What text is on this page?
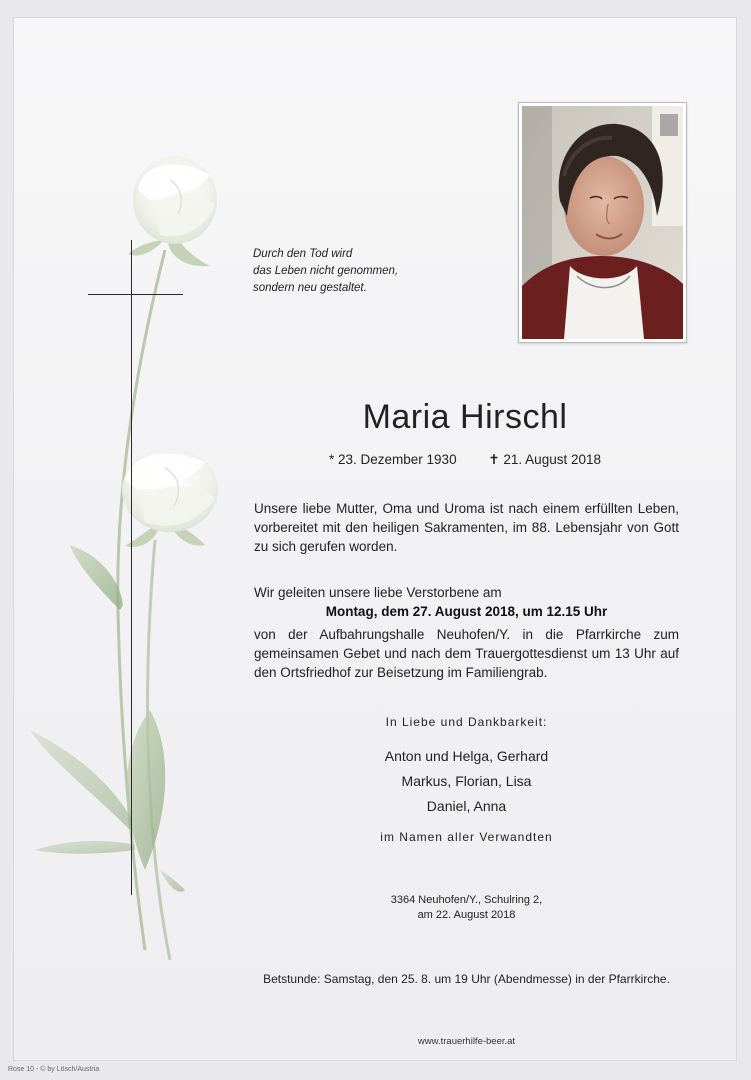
Durch den Tod wird
das Leben nicht genommen,
sondern neu gestaltet.
Maria Hirschl
* 23. Dezember 1930 ✝ 21. August 2018
Unsere liebe Mutter, Oma und Uroma ist nach einem erfüllten Leben, vorbereitet mit den heiligen Sakramenten, im 88. Lebensjahr von Gott zu sich gerufen worden.
Wir geleiten unsere liebe Verstorbene am
Montag, dem 27. August 2018, um 12.15 Uhr
von der Aufbahrungshalle Neuhofen/Y. in die Pfarrkirche zum gemeinsamen Gebet und nach dem Trauergottesdienst um 13 Uhr auf den Ortsfriedhof zur Beisetzung im Familiengrab.
In Liebe und Dankbarkeit:
Anton und Helga, Gerhard
Markus, Florian, Lisa
Daniel, Anna
im Namen aller Verwandten
3364 Neuhofen/Y., Schulring 2,
am 22. August 2018
Betstunde: Samstag, den 25. 8. um 19 Uhr (Abendmesse) in der Pfarrkirche.
www.trauerhilfe-beer.at
Rose 10 - © by Lösch/Austria
